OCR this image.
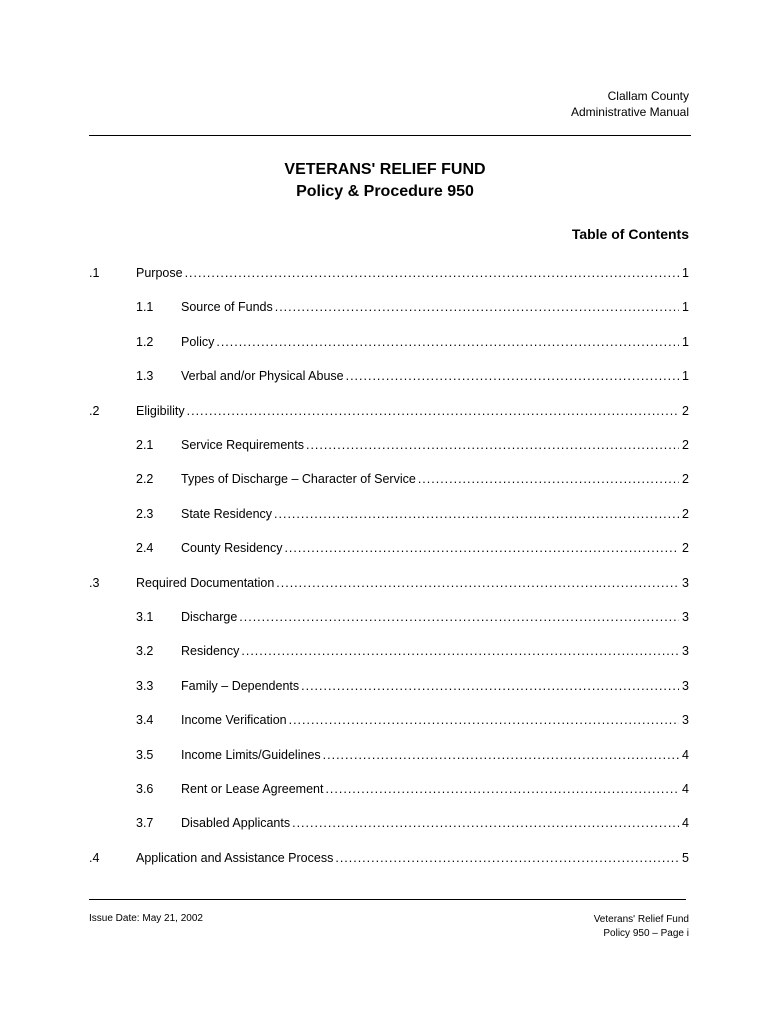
Clallam County
Administrative Manual
VETERANS' RELIEF FUND
Policy & Procedure 950
Table of Contents
.1	Purpose .....	1
1.1 Source of Funds .....	1
1.2 Policy .....	1
1.3 Verbal and/or Physical Abuse .....	1
.2	Eligibility .....	2
2.1 Service Requirements .....	2
2.2 Types of Discharge – Character of Service .....	2
2.3 State Residency .....	2
2.4 County Residency .....	2
.3	Required Documentation .....	3
3.1 Discharge .....	3
3.2 Residency .....	3
3.3 Family – Dependents .....	3
3.4 Income Verification .....	3
3.5 Income Limits/Guidelines .....	4
3.6 Rent or Lease Agreement .....	4
3.7 Disabled Applicants .....	4
.4	Application and Assistance Process .....	5
Issue Date: May 21, 2002	Veterans' Relief Fund
Policy 950 – Page i
